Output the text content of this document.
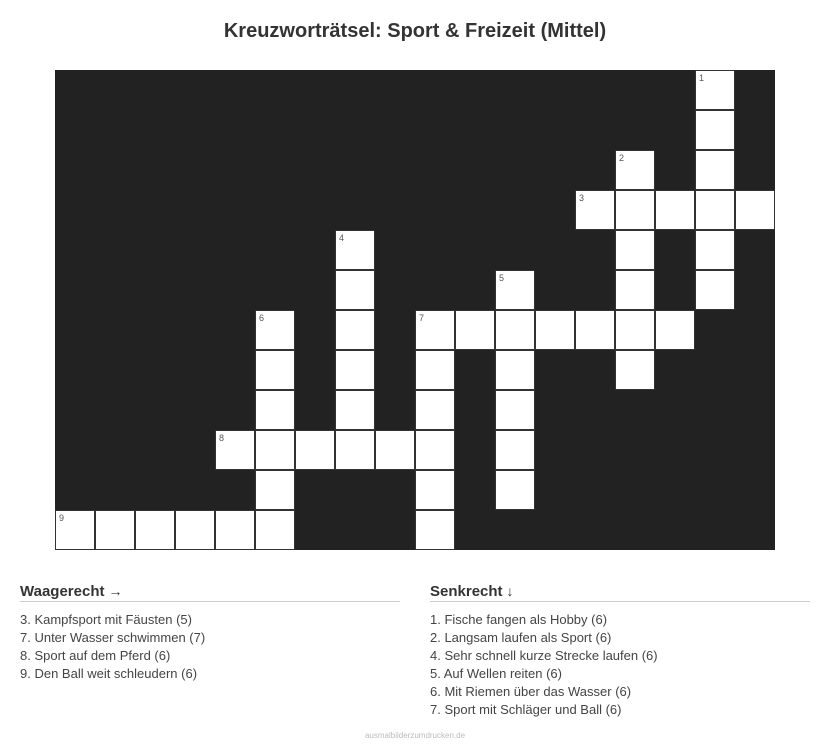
Kreuzworträtsel: Sport & Freizeit (Mittel)
1
2
3
4
5
6	7
8
9
Waagerecht →
3. Kampfsport mit Fäusten (5)
7. Unter Wasser schwimmen (7)
8. Sport auf dem Pferd (6)
9. Den Ball weit schleudern (6)
Senkrecht ↓
1. Fische fangen als Hobby (6)
2. Langsam laufen als Sport (6)
4. Sehr schnell kurze Strecke laufen (6)
5. Auf Wellen reiten (6)
6. Mit Riemen über das Wasser (6)
7. Sport mit Schläger und Ball (6)
ausmalbilderzumdrucken.de
